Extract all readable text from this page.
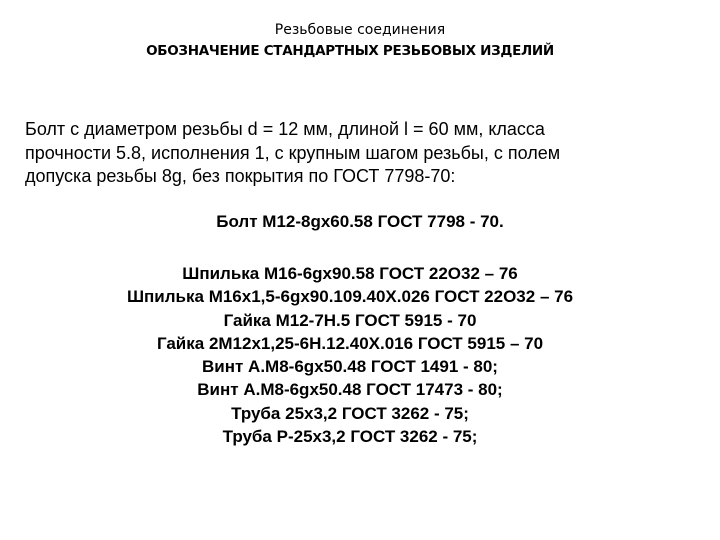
Резьбовые соединения
ОБОЗНАЧЕНИЕ СТАНДАРТНЫХ РЕЗЬБОВЫХ ИЗДЕЛИЙ
Болт с диаметром резьбы d = 12 мм, длиной l = 60 мм, класса
прочности 5.8, исполнения 1, с крупным шагом резьбы, с полем
допуска резьбы 8g, без покрытия по ГОСТ 7798-70:
Болт М12-8gх60.58 ГОСТ 7798 - 70.
Шпилька М16-6gх90.58 ГОСТ 22О32 – 76
Шпилька М16х1,5-6gх90.109.40Х.026 ГОСТ 22О32 – 76
Гайка М12-7Н.5 ГОСТ 5915 - 70
Гайка 2М12х1,25-6Н.12.40Х.016 ГОСТ 5915 – 70
Винт А.М8-6gх50.48 ГОСТ 1491 - 80;
Винт А.М8-6gх50.48 ГОСТ 17473 - 80;
Труба 25х3,2 ГОСТ 3262 - 75;
Труба Р-25х3,2 ГОСТ 3262 - 75;
